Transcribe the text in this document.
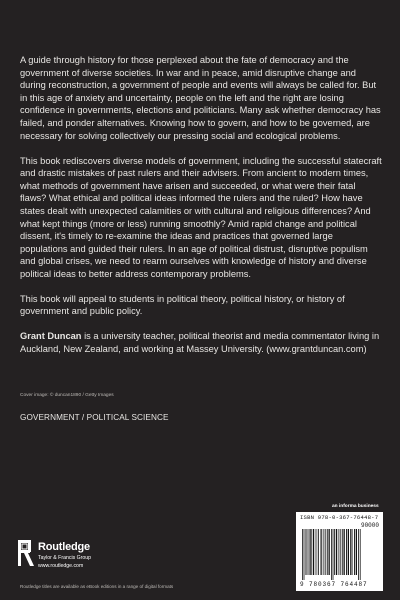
A guide through history for those perplexed about the fate of democracy and the government of diverse societies. In war and in peace, amid disruptive change and during reconstruction, a government of people and events will always be called for. But in this age of anxiety and uncertainty, people on the left and the right are losing confidence in governments, elections and politicians. Many ask whether democracy has failed, and ponder alternatives. Knowing how to govern, and how to be governed, are necessary for solving collectively our pressing social and ecological problems.

This book rediscovers diverse models of government, including the successful statecraft and drastic mistakes of past rulers and their advisers. From ancient to modern times, what methods of government have arisen and succeeded, or what were their fatal flaws? What ethical and political ideas informed the rulers and the ruled? How have states dealt with unexpected calamities or with cultural and religious differences? And what kept things (more or less) running smoothly? Amid rapid change and political dissent, it's timely to re-examine the ideas and practices that governed large populations and guided their rulers. In an age of political distrust, disruptive populism and global crises, we need to rearm ourselves with knowledge of history and diverse political ideas to better address contemporary problems.

This book will appeal to students in political theory, political history, or history of government and public policy.

Grant Duncan is a university teacher, political theorist and media commentator living in Auckland, New Zealand, and working at Massey University. (www.grantduncan.com)

Cover image: © duncan1890 / Getty Images
GOVERNMENT / POLITICAL SCIENCE
an informa business
Routledge
Taylor & Francis Group
www.routledge.com
Routledge titles are available as eBook editions in a range of digital formats
ISBN 978-0-367-76448-7
90000
9 780367 764487
